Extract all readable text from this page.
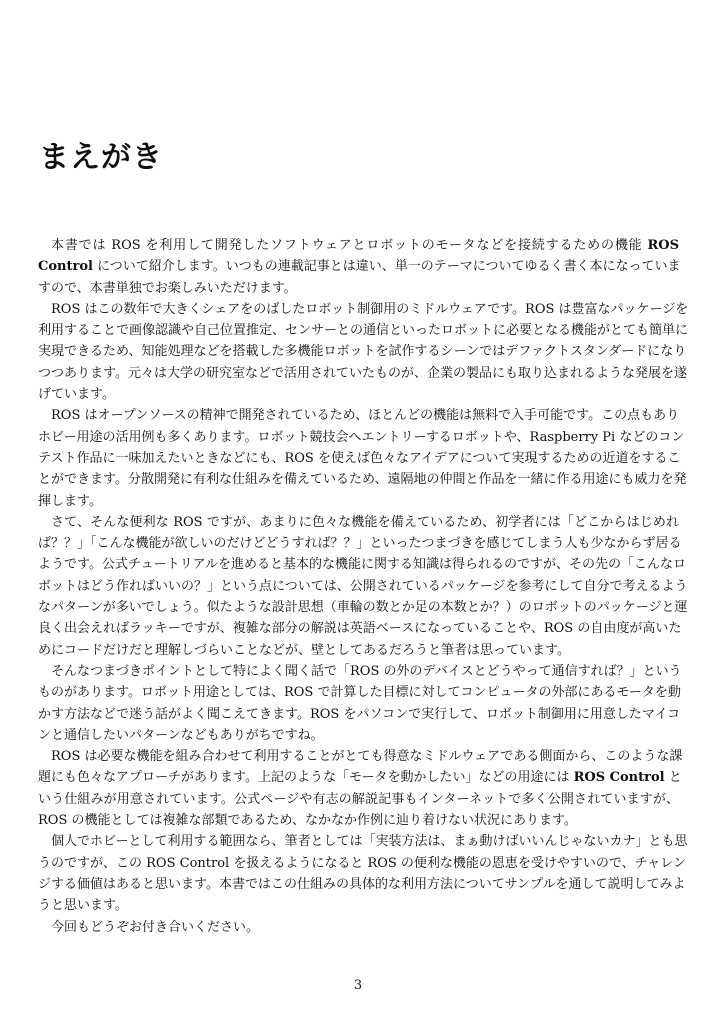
まえがき
本書では ROS を利用して開発したソフトウェアとロボットのモータなどを接続するための機能 ROS
Control について紹介します。いつもの連載記事とは違い、単一のテーマについてゆるく書く本になっていま
すので、本書単独でお楽しみいただけます。
ROS はこの数年で大きくシェアをのばしたロボット制御用のミドルウェアです。ROS は豊富なパッケージを
利用することで画像認識や自己位置推定、センサーとの通信といったロボットに必要となる機能がとても簡単に
実現できるため、知能処理などを搭載した多機能ロボットを試作するシーンではデファクトスタンダードになり
つつあります。元々は大学の研究室などで活用されていたものが、企業の製品にも取り込まれるような発展を遂
げています。
ROS はオープンソースの精神で開発されているため、ほとんどの機能は無料で入手可能です。この点もあり
ホビー用途の活用例も多くあります。ロボット競技会へエントリーするロボットや、Raspberry Pi などのコン
テスト作品に一味加えたいときなどにも、ROS を使えば色々なアイデアについて実現するための近道をするこ
とができます。分散開発に有利な仕組みを備えているため、遠隔地の仲間と作品を一緒に作る用途にも威力を発
揮します。
さて、そんな便利な ROS ですが、あまりに色々な機能を備えているため、初学者には「どこからはじめれ
ば？？」「こんな機能が欲しいのだけどどうすれば？？」といったつまづきを感じてしまう人も少なからず居る
ようです。公式チュートリアルを進めると基本的な機能に関する知識は得られるのですが、その先の「こんなロ
ボットはどう作ればいいの？」という点については、公開されているパッケージを参考にして自分で考えるよう
なパターンが多いでしょう。似たような設計思想（車輪の数とか足の本数とか？）のロボットのパッケージと運
良く出会えればラッキーですが、複雑な部分の解説は英語ベースになっていることや、ROS の自由度が高いた
めにコードだけだと理解しづらいことなどが、壁としてあるだろうと筆者は思っています。
そんなつまづきポイントとして特によく聞く話で「ROS の外のデバイスとどうやって通信すれば？」という
ものがあります。ロボット用途としては、ROS で計算した目標に対してコンピュータの外部にあるモータを動
かす方法などで迷う話がよく聞こえてきます。ROS をパソコンで実行して、ロボット制御用に用意したマイコ
ンと通信したいパターンなどもありがちですね。
ROS は必要な機能を組み合わせて利用することがとても得意なミドルウェアである側面から、このような課
題にも色々なアプローチがあります。上記のような「モータを動かしたい」などの用途には ROS Control と
いう仕組みが用意されています。公式ページや有志の解説記事もインターネットで多く公開されていますが、
ROS の機能としては複雑な部類であるため、なかなか作例に辿り着けない状況にあります。
個人でホビーとして利用する範囲なら、筆者としては「実装方法は、まぁ動けばいいんじゃないカナ」とも思
うのですが、この ROS Control を扱えるようになると ROS の便利な機能の恩恵を受けやすいので、チャレン
ジする価値はあると思います。本書ではこの仕組みの具体的な利用方法についてサンプルを通して説明してみよ
うと思います。
今回もどうぞお付き合いください。
3
